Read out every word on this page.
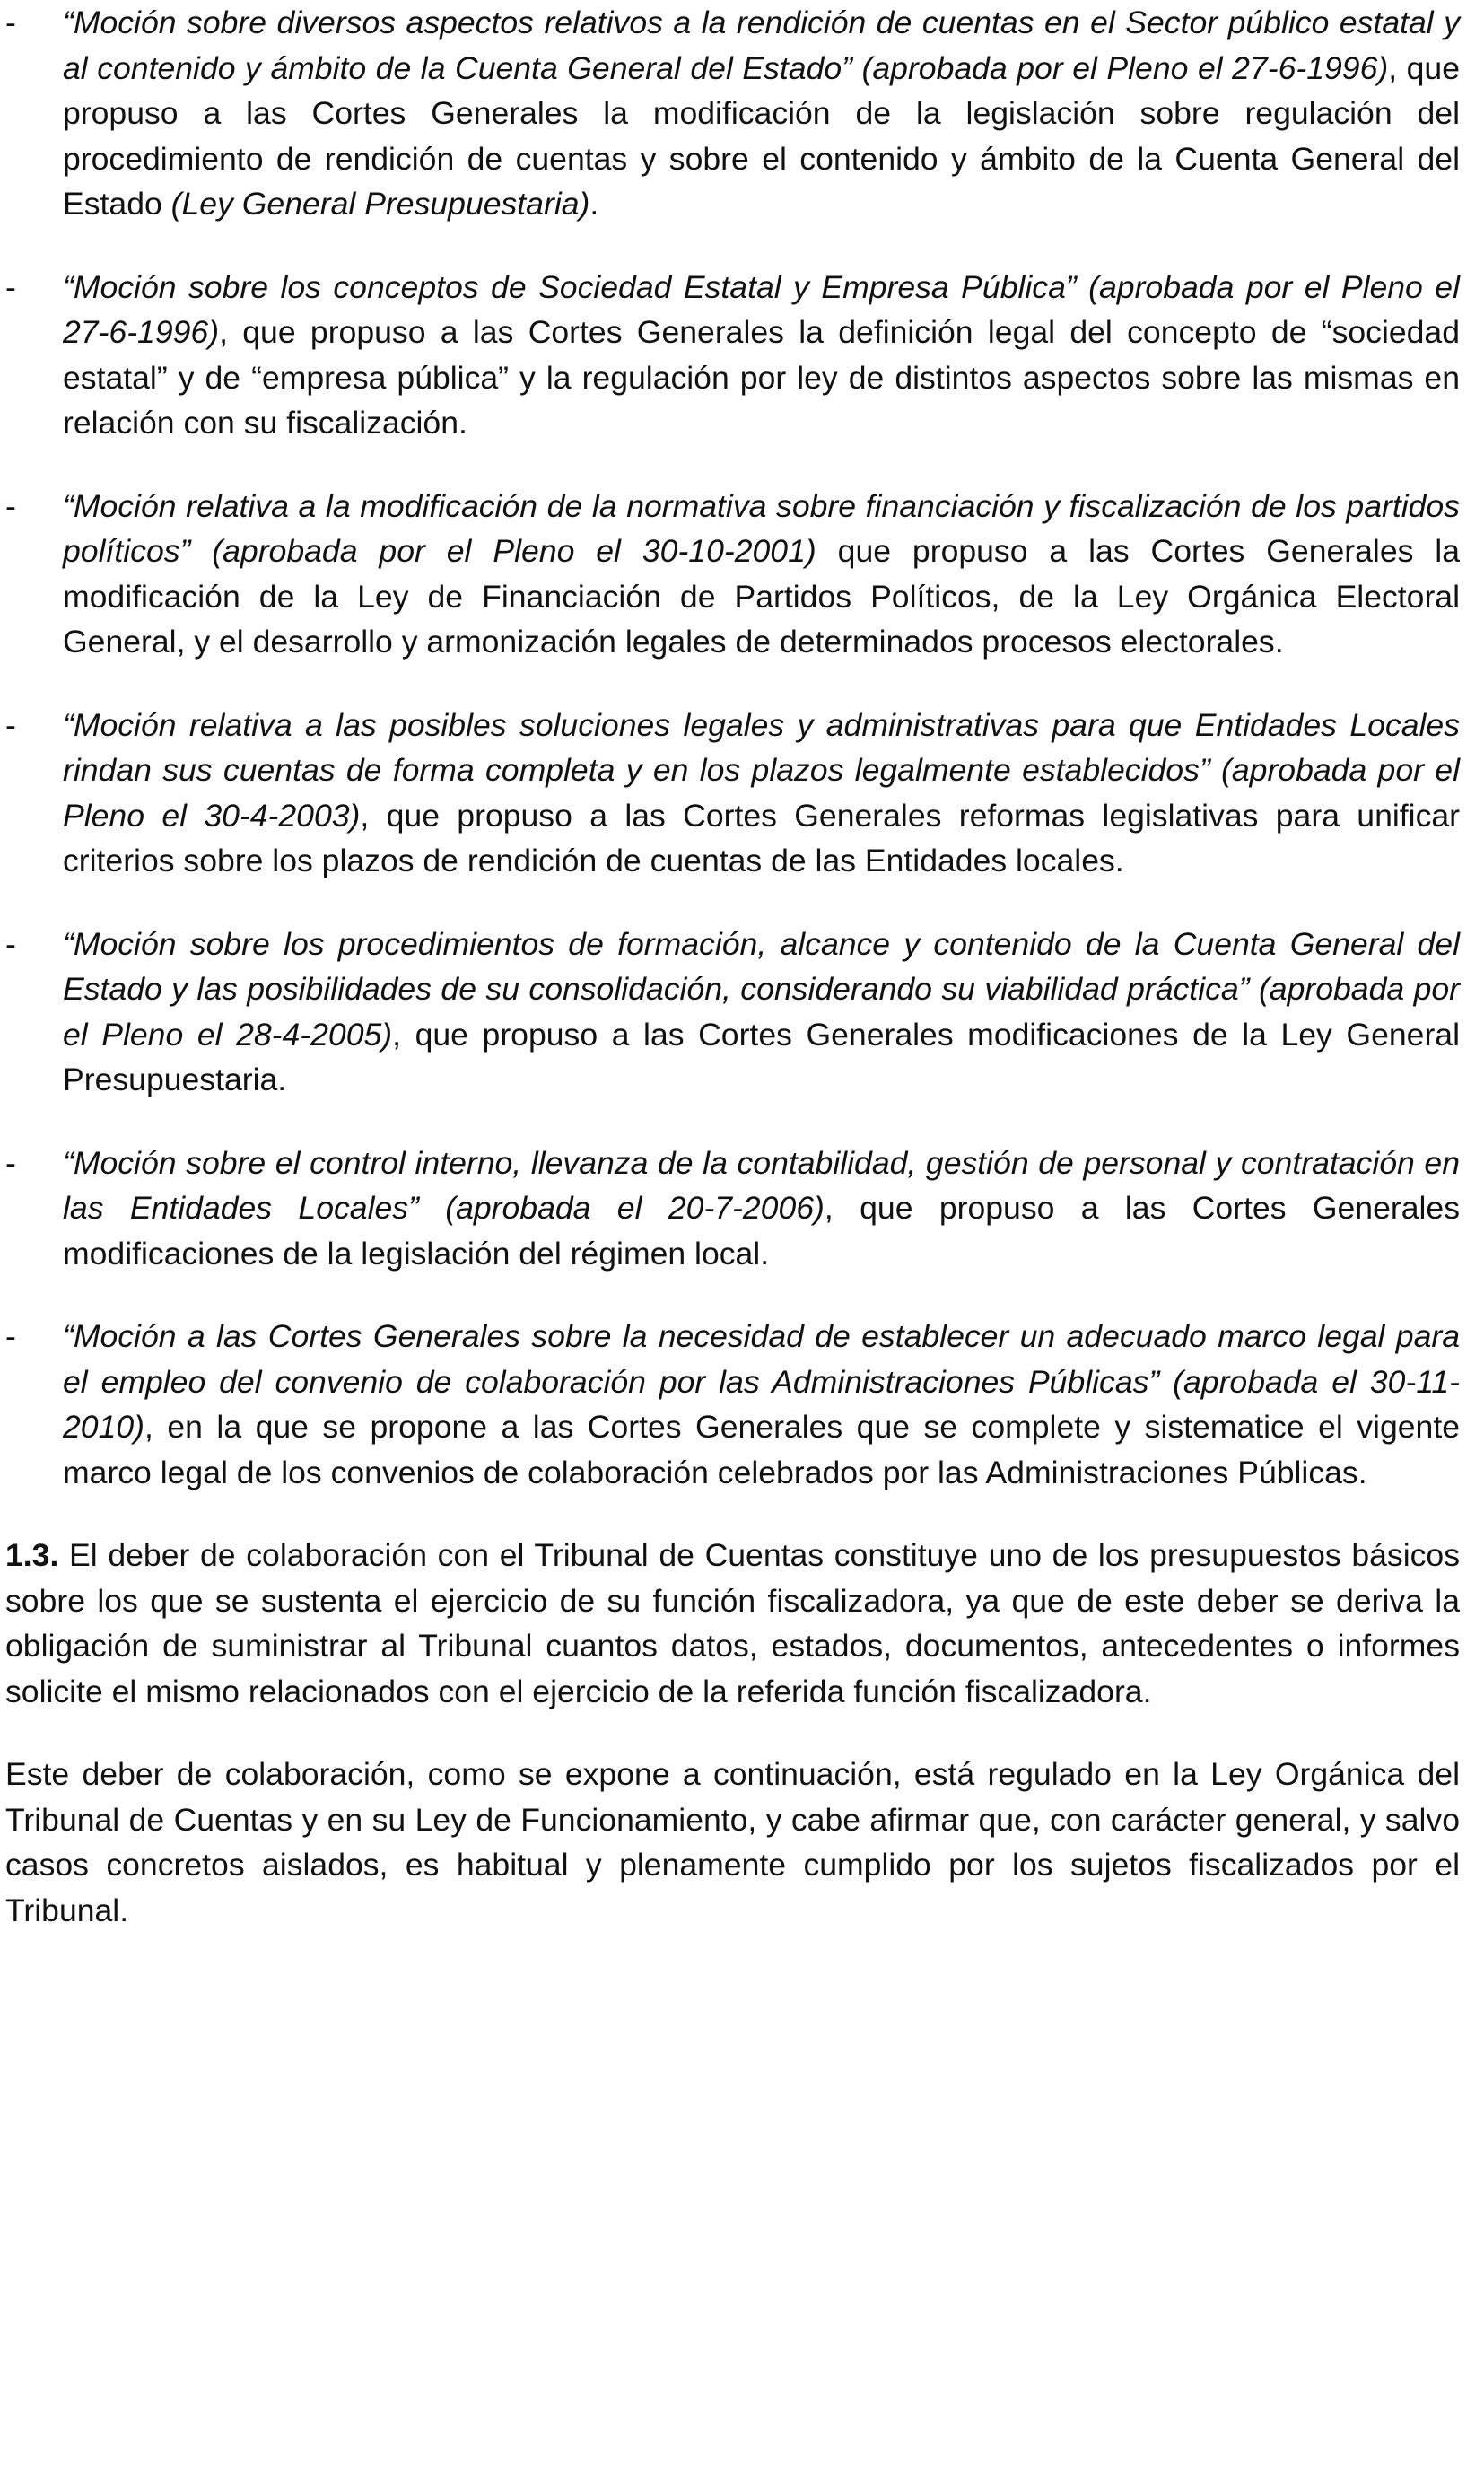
- “Moción sobre diversos aspectos relativos a la rendición de cuentas en el Sector público estatal y al contenido y ámbito de la Cuenta General del Estado” (aprobada por el Pleno el 27-6-1996), que propuso a las Cortes Generales la modificación de la legislación sobre regulación del procedimiento de rendición de cuentas y sobre el contenido y ámbito de la Cuenta General del Estado (Ley General Presupuestaria).
- “Moción sobre los conceptos de Sociedad Estatal y Empresa Pública” (aprobada por el Pleno el 27-6-1996), que propuso a las Cortes Generales la definición legal del concepto de “sociedad estatal” y de “empresa pública” y la regulación por ley de distintos aspectos sobre las mismas en relación con su fiscalización.
- “Moción relativa a la modificación de la normativa sobre financiación y fiscalización de los partidos políticos” (aprobada por el Pleno el 30-10-2001) que propuso a las Cortes Generales la modificación de la Ley de Financiación de Partidos Políticos, de la Ley Orgánica Electoral General, y el desarrollo y armonización legales de determinados procesos electorales.
- “Moción relativa a las posibles soluciones legales y administrativas para que Entidades Locales rindan sus cuentas de forma completa y en los plazos legalmente establecidos” (aprobada por el Pleno el 30-4-2003), que propuso a las Cortes Generales reformas legislativas para unificar criterios sobre los plazos de rendición de cuentas de las Entidades locales.
- “Moción sobre los procedimientos de formación, alcance y contenido de la Cuenta General del Estado y las posibilidades de su consolidación, considerando su viabilidad práctica” (aprobada por el Pleno el 28-4-2005), que propuso a las Cortes Generales modificaciones de la Ley General Presupuestaria.
- “Moción sobre el control interno, llevanza de la contabilidad, gestión de personal y contratación en las Entidades Locales” (aprobada el 20-7-2006), que propuso a las Cortes Generales modificaciones de la legislación del régimen local.
- “Moción a las Cortes Generales sobre la necesidad de establecer un adecuado marco legal para el empleo del convenio de colaboración por las Administraciones Públicas” (aprobada el 30-11-2010), en la que se propone a las Cortes Generales que se complete y sistematice el vigente marco legal de los convenios de colaboración celebrados por las Administraciones Públicas.

1.3. El deber de colaboración con el Tribunal de Cuentas constituye uno de los presupuestos básicos sobre los que se sustenta el ejercicio de su función fiscalizadora, ya que de este deber se deriva la obligación de suministrar al Tribunal cuantos datos, estados, documentos, antecedentes o informes solicite el mismo relacionados con el ejercicio de la referida función fiscalizadora.

Este deber de colaboración, como se expone a continuación, está regulado en la Ley Orgánica del Tribunal de Cuentas y en su Ley de Funcionamiento, y cabe afirmar que, con carácter general, y salvo casos concretos aislados, es habitual y plenamente cumplido por los sujetos fiscalizados por el Tribunal.
